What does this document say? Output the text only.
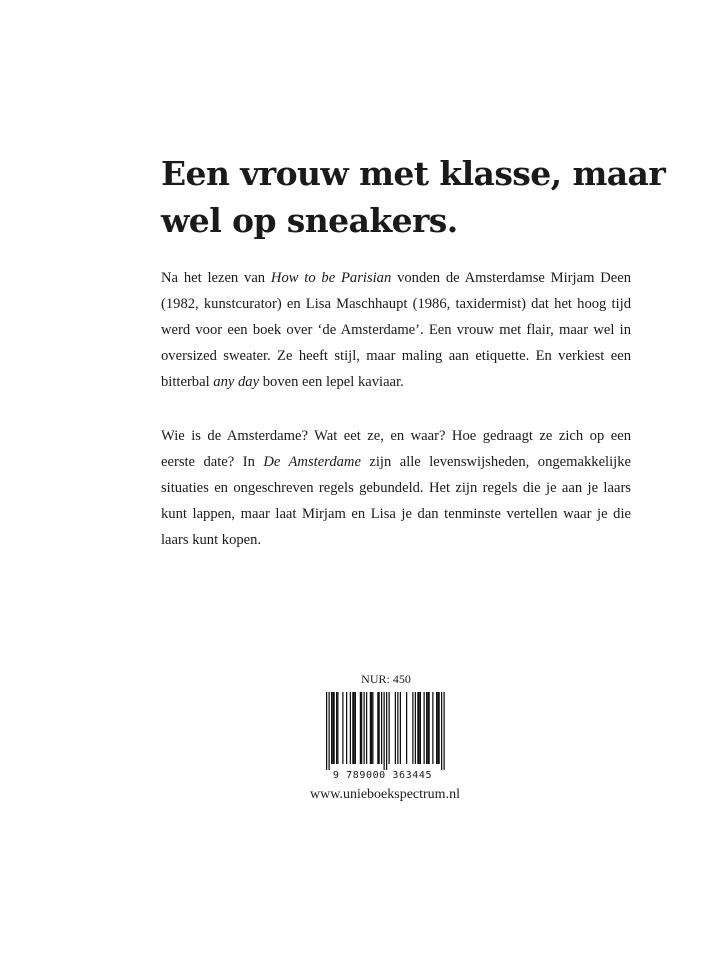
Een vrouw met klasse, maar
wel op sneakers.

Na het lezen van How to be Parisian vonden de Amsterdamse Mirjam Deen
(1982, kunstcurator) en Lisa Maschhaupt (1986, taxidermist) dat het hoog tijd
werd voor een boek over ‘de Amsterdame’. Een vrouw met flair, maar wel in
oversized sweater. Ze heeft stijl, maar maling aan etiquette. En verkiest een
bitterbal any day boven een lepel kaviaar.

Wie is de Amsterdame? Wat eet ze, en waar? Hoe gedraagt ze zich op een
eerste date? In De Amsterdame zijn alle levenswijsheden, ongemakkelijke
situaties en ongeschreven regels gebundeld. Het zijn regels die je aan je laars
kunt lappen, maar laat Mirjam en Lisa je dan tenminste vertellen waar je die
laars kunt kopen.

NUR: 450
9 789000 363445
www.unieboekspectrum.nl
